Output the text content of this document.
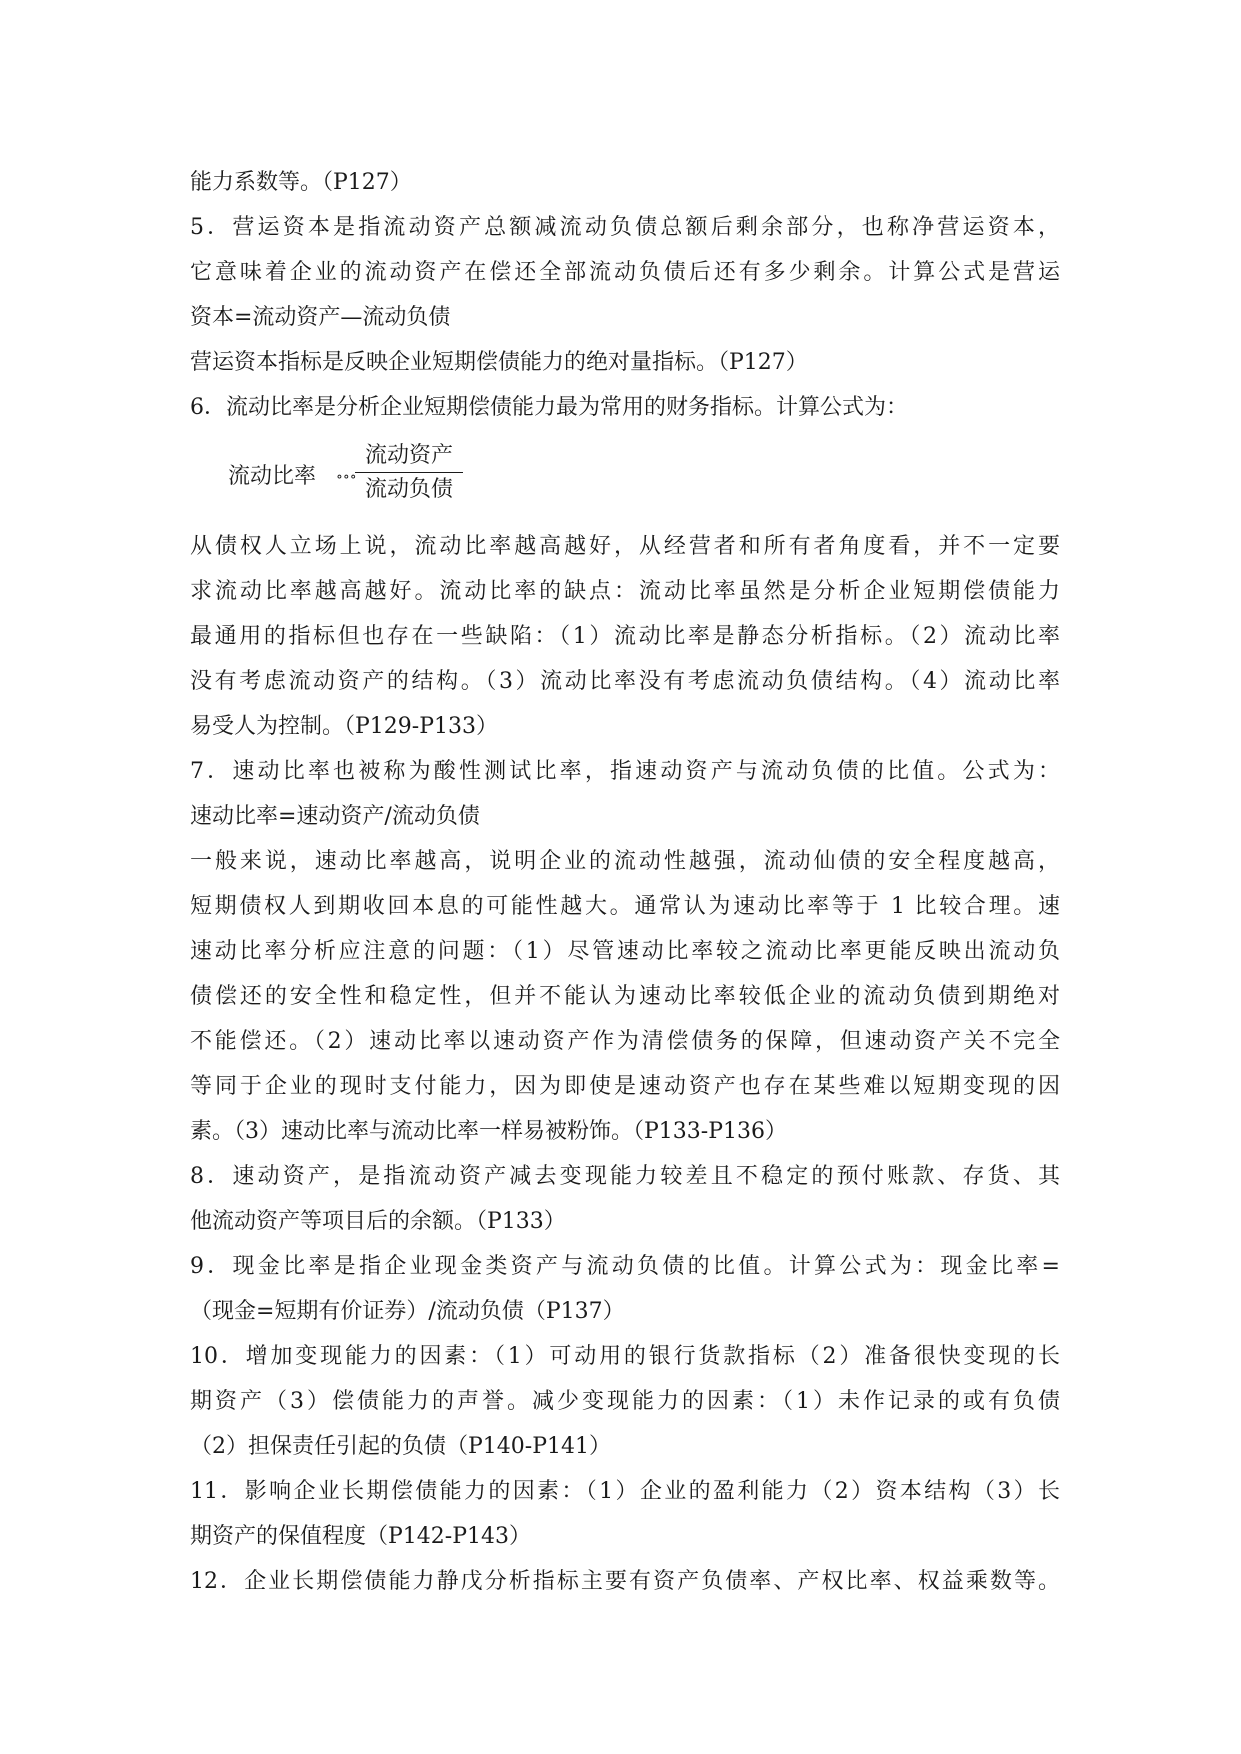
能力系数等。（P127）
5．营运资本是指流动资产总额减流动负债总额后剩余部分，也称净营运资本，
它意味着企业的流动资产在偿还全部流动负债后还有多少剩余。计算公式是营运
资本=流动资产—流动负债
营运资本指标是反映企业短期偿债能力的绝对量指标。（P127）
6．流动比率是分析企业短期偿债能力最为常用的财务指标。计算公式为：
流动比率 ∘∘∘
流动资产
流动负债
从债权人立场上说，流动比率越高越好，从经营者和所有者角度看，并不一定要
求流动比率越高越好。流动比率的缺点：流动比率虽然是分析企业短期偿债能力
最通用的指标但也存在一些缺陷：（1）流动比率是静态分析指标。（2）流动比率
没有考虑流动资产的结构。（3）流动比率没有考虑流动负债结构。（4）流动比率
易受人为控制。（P129-P133）
7．速动比率也被称为酸性测试比率，指速动资产与流动负债的比值。公式为：
速动比率=速动资产/流动负债
一般来说，速动比率越高，说明企业的流动性越强，流动仙债的安全程度越高，
短期债权人到期收回本息的可能性越大。通常认为速动比率等于 1 比较合理。速
速动比率分析应注意的问题：（1）尽管速动比率较之流动比率更能反映出流动负
债偿还的安全性和稳定性，但并不能认为速动比率较低企业的流动负债到期绝对
不能偿还。（2）速动比率以速动资产作为清偿债务的保障，但速动资产关不完全
等同于企业的现时支付能力，因为即使是速动资产也存在某些难以短期变现的因
素。（3）速动比率与流动比率一样易被粉饰。（P133-P136）
8．速动资产，是指流动资产减去变现能力较差且不稳定的预付账款、存货、其
他流动资产等项目后的余额。（P133）
9．现金比率是指企业现金类资产与流动负债的比值。计算公式为：现金比率=
（现金=短期有价证券）/流动负债（P137）
10．增加变现能力的因素：（1）可动用的银行货款指标（2）准备很快变现的长
期资产（3）偿债能力的声誉。减少变现能力的因素：（1）未作记录的或有负债
（2）担保责任引起的负债（P140-P141）
11．影响企业长期偿债能力的因素：（1）企业的盈利能力（2）资本结构（3）长
期资产的保值程度（P142-P143）
12．企业长期偿债能力静戊分析指标主要有资产负债率、产权比率、权益乘数等。
